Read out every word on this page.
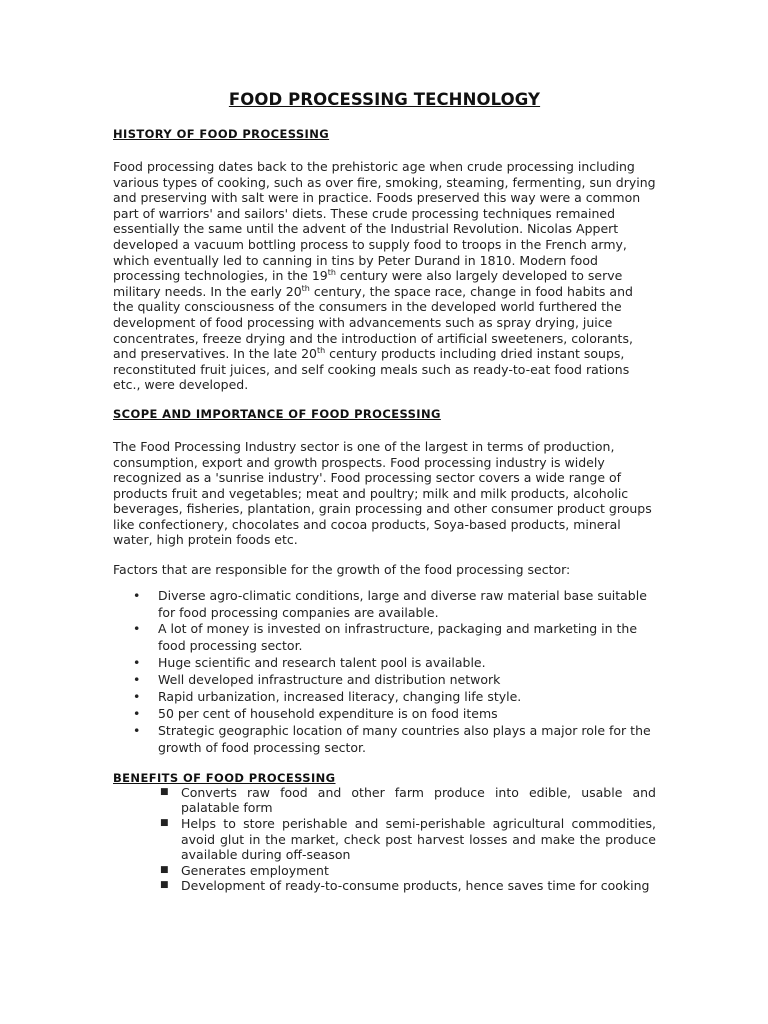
FOOD PROCESSING TECHNOLOGY
HISTORY OF FOOD PROCESSING

Food processing dates back to the prehistoric age when crude processing including various types of cooking, such as over fire, smoking, steaming, fermenting, sun drying and preserving with salt were in practice. Foods preserved this way were a common part of warriors' and sailors' diets. These crude processing techniques remained essentially the same until the advent of the Industrial Revolution. Nicolas Appert developed a vacuum bottling process to supply food to troops in the French army, which eventually led to canning in tins by Peter Durand in 1810. Modern food processing technologies, in the 19th century were also largely developed to serve military needs. In the early 20th century, the space race, change in food habits and the quality consciousness of the consumers in the developed world furthered the development of food processing with advancements such as spray drying, juice concentrates, freeze drying and the introduction of artificial sweeteners, colorants, and preservatives. In the late 20th century products including dried instant soups, reconstituted fruit juices, and self cooking meals such as ready-to-eat food rations etc., were developed.

SCOPE AND IMPORTANCE OF FOOD PROCESSING

The Food Processing Industry sector is one of the largest in terms of production, consumption, export and growth prospects. Food processing industry is widely recognized as a 'sunrise industry'. Food processing sector covers a wide range of products fruit and vegetables; meat and poultry; milk and milk products, alcoholic beverages, fisheries, plantation, grain processing and other consumer product groups like confectionery, chocolates and cocoa products, Soya-based products, mineral water, high protein foods etc.

Factors that are responsible for the growth of the food processing sector:

• Diverse agro-climatic conditions, large and diverse raw material base suitable for food processing companies are available.
• A lot of money is invested on infrastructure, packaging and marketing in the food processing sector.
• Huge scientific and research talent pool is available.
• Well developed infrastructure and distribution network
• Rapid urbanization, increased literacy, changing life style.
• 50 per cent of household expenditure is on food items
• Strategic geographic location of many countries also plays a major role for the growth of food processing sector.
BENEFITS OF FOOD PROCESSING
■ Converts raw food and other farm produce into edible, usable and palatable form
■ Helps to store perishable and semi-perishable agricultural commodities, avoid glut in the market, check post harvest losses and make the produce available during off-season
■ Generates employment
■ Development of ready-to-consume products, hence saves time for cooking
